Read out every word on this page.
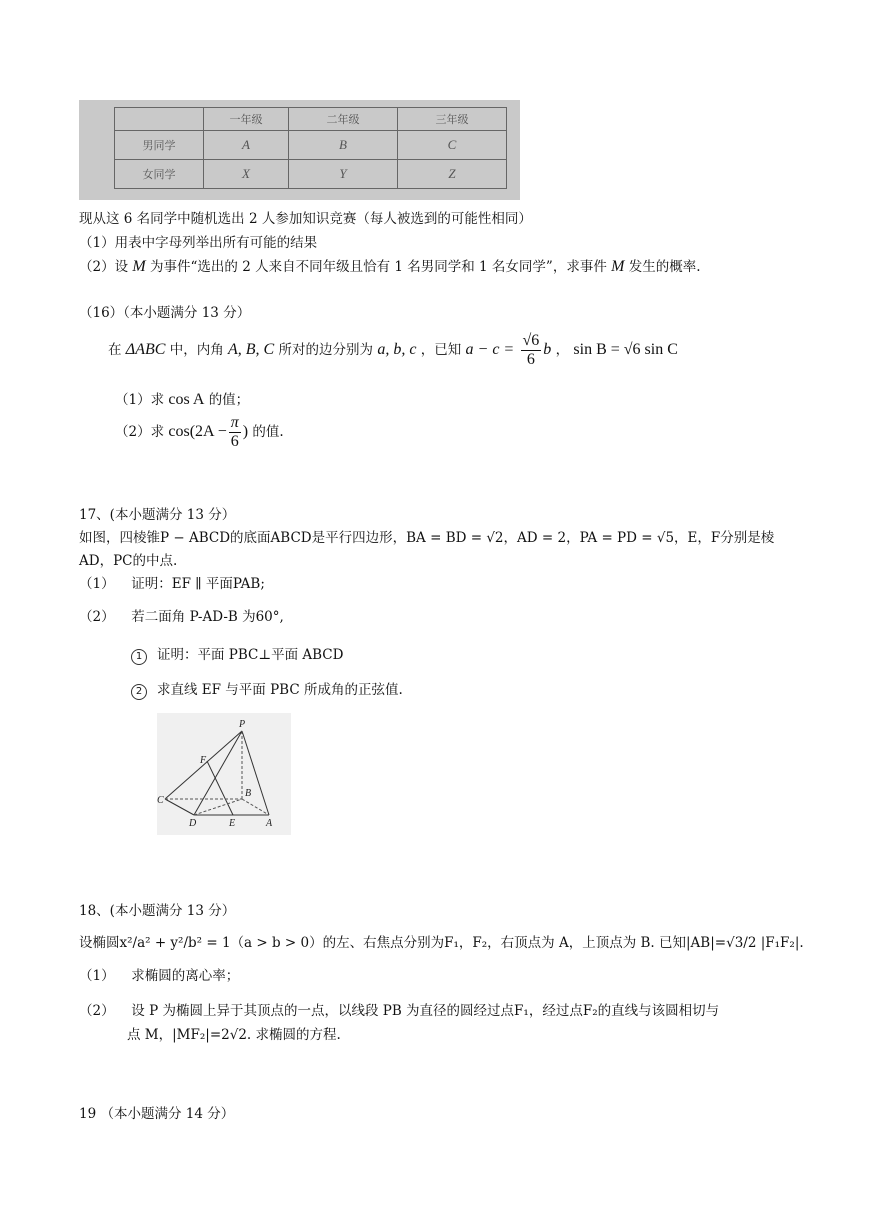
	一年级	二年级	三年级
男同学	A	B	C
女同学	X	Y	Z
现从这 6 名同学中随机选出 2 人参加知识竞赛（每人被选到的可能性相同）
（1）用表中字母列举出所有可能的结果
（2）设 M 为事件“选出的 2 人来自不同年级且恰有 1 名男同学和 1 名女同学”，求事件 M 发生的概率.
（16）（本小题满分 13 分）
在 ΔABC 中，内角 A, B, C 所对的边分别为 a, b, c ，已知 $a - c = \frac{√6}{6}$ b ， sin B = √6 sin C
（1）求 cos A 的值；
（2）求 $\cos(2A - \frac{\pi}{6}$ ) 的值.
17、(本小题满分 13 分）
如图，四棱锥P − ABCD的底面ABCD是平行四边形，BA = BD = √2，AD = 2，PA = PD = √5，E，F分别是棱
AD，PC的中点.
（1） 证明：EF ∥ 平面PAB;
（2） 若二面角 P-AD-B 为60°,
1 证明：平面 PBC⊥平面 ABCD
2 求直线 EF 与平面 PBC 所成角的正弦值.
P
F
C
B
D	E	A
18、(本小题满分 13 分）
设椭圆x²/a² + y²/b² = 1（a > b > 0）的左、右焦点分别为F₁，F₂，右顶点为 A，上顶点为 B. 已知|AB|=√3/2 |F₁F₂|.
（1） 求椭圆的离心率；
（2） 设 P 为椭圆上异于其顶点的一点，以线段 PB 为直径的圆经过点F₁，经过点F₂的直线与该圆相切与
点 M，|MF₂|=2√2. 求椭圆的方程.
19 （本小题满分 14 分）
